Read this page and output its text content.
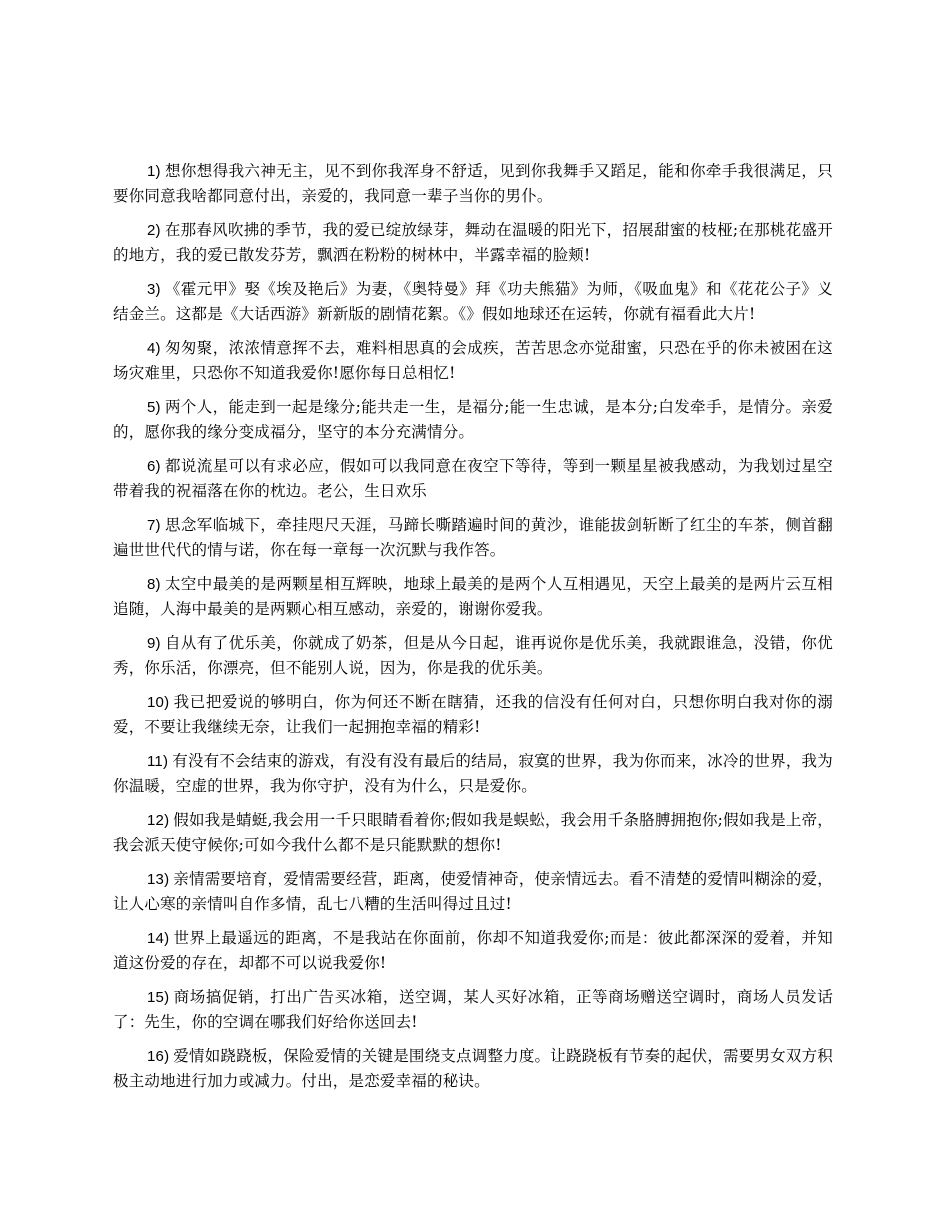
1) 想你想得我六神无主，见不到你我浑身不舒适，见到你我舞手又蹈足，能和你牵手我很满足，只要你同意我啥都同意付出，亲爱的，我同意一辈子当你的男仆。
2) 在那春风吹拂的季节，我的爱已绽放绿芽，舞动在温暖的阳光下，招展甜蜜的枝桠;在那桃花盛开的地方，我的爱已散发芬芳，飘洒在粉粉的树林中，半露幸福的脸颊!
3) 《霍元甲》娶《埃及艳后》为妻，《奥特曼》拜《功夫熊猫》为师，《吸血鬼》和《花花公子》义结金兰。这都是《大话西游》新新版的剧情花絮。《》假如地球还在运转，你就有福看此大片!
4) 匆匆聚，浓浓情意挥不去，难料相思真的会成疾，苦苦思念亦觉甜蜜，只恐在乎的你未被困在这场灾难里，只恐你不知道我爱你!愿你每日总相忆!
5) 两个人，能走到一起是缘分;能共走一生，是福分;能一生忠诚，是本分;白发牵手，是情分。亲爱的，愿你我的缘分变成福分，坚守的本分充满情分。
6) 都说流星可以有求必应，假如可以我同意在夜空下等待，等到一颗星星被我感动，为我划过星空带着我的祝福落在你的枕边。老公，生日欢乐
7) 思念军临城下，牵挂咫尺天涯，马蹄长嘶踏遍时间的黄沙，谁能拔剑斩断了红尘的车茶，侧首翻遍世世代代的情与诺，你在每一章每一次沉默与我作答。
8) 太空中最美的是两颗星相互辉映，地球上最美的是两个人互相遇见，天空上最美的是两片云互相追随，人海中最美的是两颗心相互感动，亲爱的，谢谢你爱我。
9) 自从有了优乐美，你就成了奶茶，但是从今日起，谁再说你是优乐美，我就跟谁急，没错，你优秀，你乐活，你漂亮，但不能别人说，因为，你是我的优乐美。
10) 我已把爱说的够明白，你为何还不断在瞎猜，还我的信没有任何对白，只想你明白我对你的溺爱，不要让我继续无奈，让我们一起拥抱幸福的精彩!
11) 有没有不会结束的游戏，有没有没有最后的结局，寂寞的世界，我为你而来，冰冷的世界，我为你温暖，空虚的世界，我为你守护，没有为什么，只是爱你。
12) 假如我是蜻蜓,我会用一千只眼睛看着你;假如我是蜈蚣，我会用千条胳膊拥抱你;假如我是上帝，我会派天使守候你;可如今我什么都不是只能默默的想你!
13) 亲情需要培育，爱情需要经营，距离，使爱情神奇，使亲情远去。看不清楚的爱情叫糊涂的爱，让人心寒的亲情叫自作多情，乱七八糟的生活叫得过且过!
14) 世界上最遥远的距离，不是我站在你面前，你却不知道我爱你;而是：彼此都深深的爱着，并知道这份爱的存在，却都不可以说我爱你!
15) 商场搞促销，打出广告买冰箱，送空调，某人买好冰箱，正等商场赠送空调时，商场人员发话了：先生，你的空调在哪我们好给你送回去!
16) 爱情如跷跷板，保险爱情的关键是围绕支点调整力度。让跷跷板有节奏的起伏，需要男女双方积极主动地进行加力或减力。付出，是恋爱幸福的秘诀。
